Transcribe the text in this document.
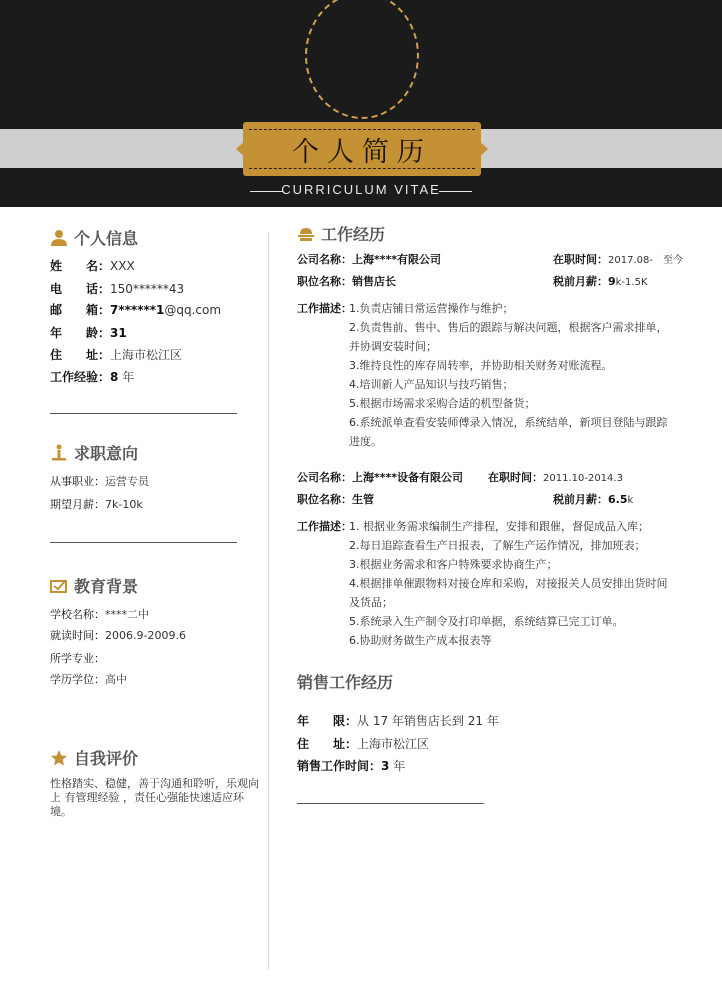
个人简历
CURRICULUM VITAE
个人信息
姓　　名：XXX
电　　话：150******43
邮　　箱：7******1@qq.com
年　　龄：31
住　　址：上海市松江区
工作经验：8 年
求职意向
从事职业：运营专员
期望月薪：7k-10k
教育背景
学校名称：****二中
就读时间：2006.9-2009.6
所学专业：
学历学位：高中
自我评价
性格踏实、稳健，善于沟通和聆听，乐观向
上 有管理经验 ，责任心强能快速适应环
境。
工作经历
公司名称：上海****有限公司	在职时间：2017.08-　至今
职位名称：销售店长	税前月薪：9k-1.5K
工作描述：
1.负责店铺日常运营操作与维护；
2.负责售前、售中、售后的跟踪与解决问题，根据客户需求排单，
并协调安装时间；
3.维持良性的库存周转率，并协助相关财务对账流程。
4.培训新人产品知识与技巧销售；
5.根据市场需求采购合适的机型备货；
6.系统派单查看安装师傅录入情况，系统结单，新项目登陆与跟踪
进度。
公司名称：上海****设备有限公司 在职时间：2011.10-2014.3
职位名称：生管	税前月薪：6.5k
工作描述：
1. 根据业务需求编制生产排程，安排和跟催，督促成品入库；
2.每日追踪查看生产日报表，了解生产运作情况，排加班表；
3.根据业务需求和客户特殊要求协商生产；
4.根据排单催跟物料对接仓库和采购，对接报关人员安排出货时间
及货品；
5.系统录入生产制令及打印单据，系统结算已完工订单。
6.协助财务做生产成本报表等
销售工作经历
年　　限：从 17 年销售店长到 21 年
住　　址：上海市松江区
销售工作时间：3 年
